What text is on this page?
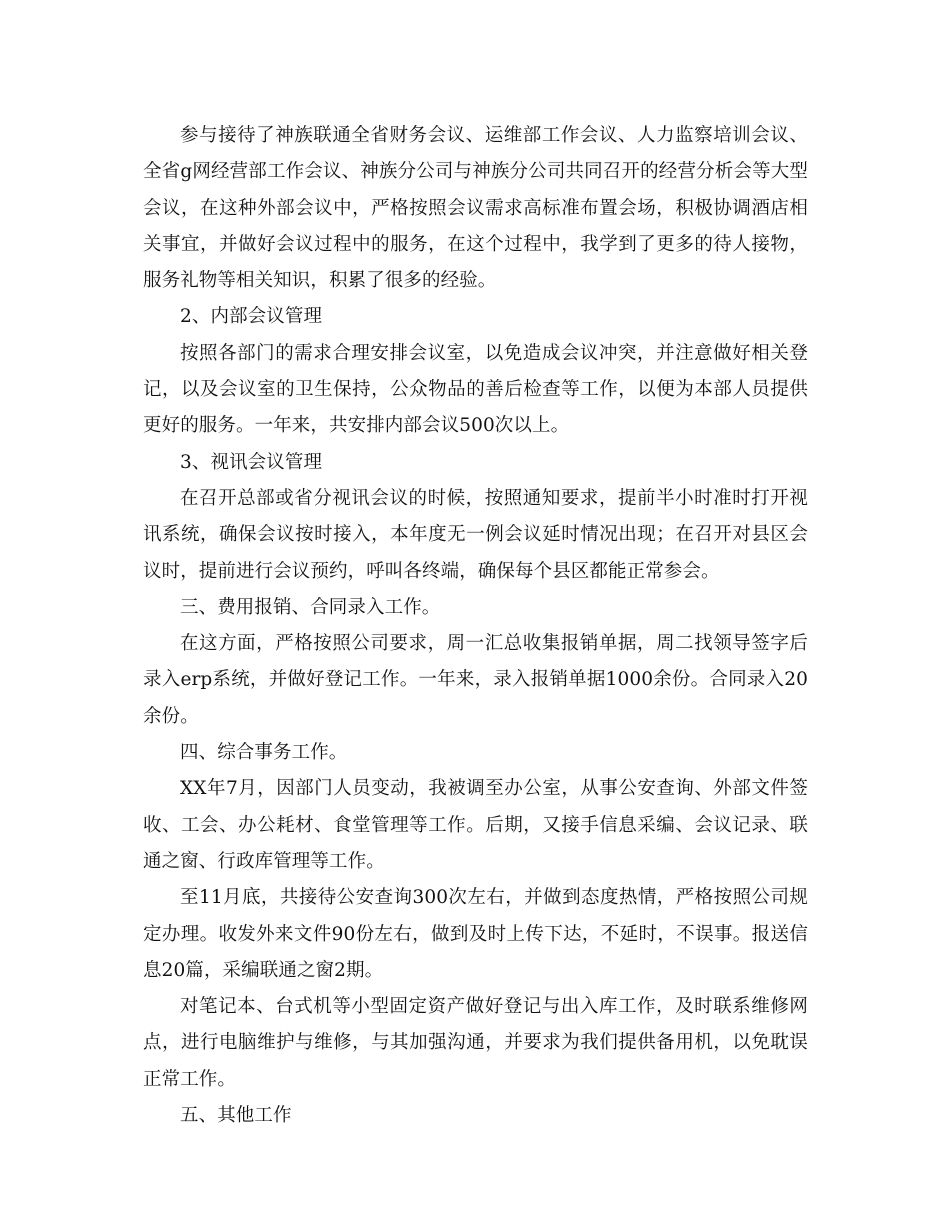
参与接待了神族联通全省财务会议、运维部工作会议、人力监察培训会议、全省g网经营部工作会议、神族分公司与神族分公司共同召开的经营分析会等大型会议，在这种外部会议中，严格按照会议需求高标准布置会场，积极协调酒店相关事宜，并做好会议过程中的服务，在这个过程中，我学到了更多的待人接物，服务礼物等相关知识，积累了很多的经验。

2、内部会议管理

按照各部门的需求合理安排会议室，以免造成会议冲突，并注意做好相关登记，以及会议室的卫生保持，公众物品的善后检查等工作，以便为本部人员提供更好的服务。一年来，共安排内部会议500次以上。

3、视讯会议管理

在召开总部或省分视讯会议的时候，按照通知要求，提前半小时准时打开视讯系统，确保会议按时接入，本年度无一例会议延时情况出现；在召开对县区会议时，提前进行会议预约，呼叫各终端，确保每个县区都能正常参会。

三、费用报销、合同录入工作。

在这方面，严格按照公司要求，周一汇总收集报销单据，周二找领导签字后录入erp系统，并做好登记工作。一年来，录入报销单据1000余份。合同录入20余份。

四、综合事务工作。

XX年7月，因部门人员变动，我被调至办公室，从事公安查询、外部文件签收、工会、办公耗材、食堂管理等工作。后期，又接手信息采编、会议记录、联通之窗、行政库管理等工作。

至11月底，共接待公安查询300次左右，并做到态度热情，严格按照公司规定办理。收发外来文件90份左右，做到及时上传下达，不延时，不误事。报送信息20篇，采编联通之窗2期。

对笔记本、台式机等小型固定资产做好登记与出入库工作，及时联系维修网点，进行电脑维护与维修，与其加强沟通，并要求为我们提供备用机，以免耽误正常工作。

五、其他工作
